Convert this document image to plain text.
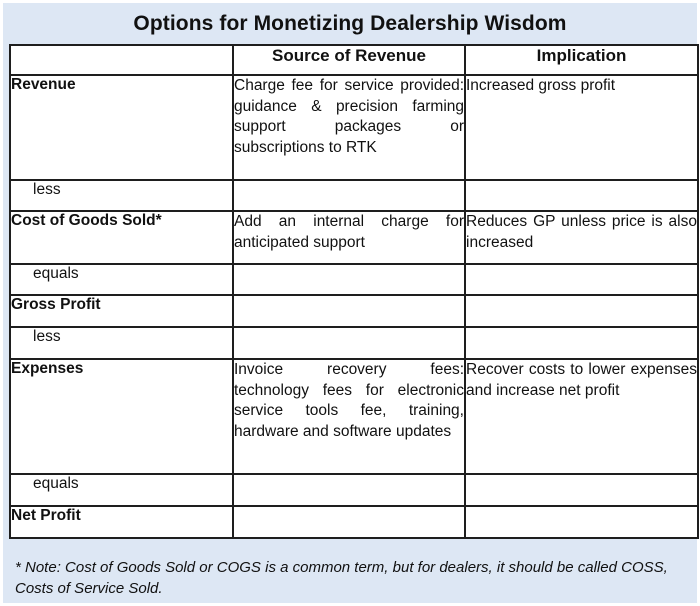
Options for Monetizing Dealership Wisdom
	Source of Revenue	Implication
Revenue	Charge fee for service provided: guidance & precision farming support packages or subscriptions to RTK	Increased gross profit
less		
Cost of Goods Sold*	Add an internal charge for anticipated support	Reduces GP unless price is also increased
equals		
Gross Profit		
less		
Expenses	Invoice recovery fees: technology fees for electronic service tools fee, training, hardware and software updates	Recover costs to lower expenses and increase net profit
equals		
Net Profit		
* Note: Cost of Goods Sold or COGS is a common term, but for dealers, it should be called COSS, Costs of Service Sold.
